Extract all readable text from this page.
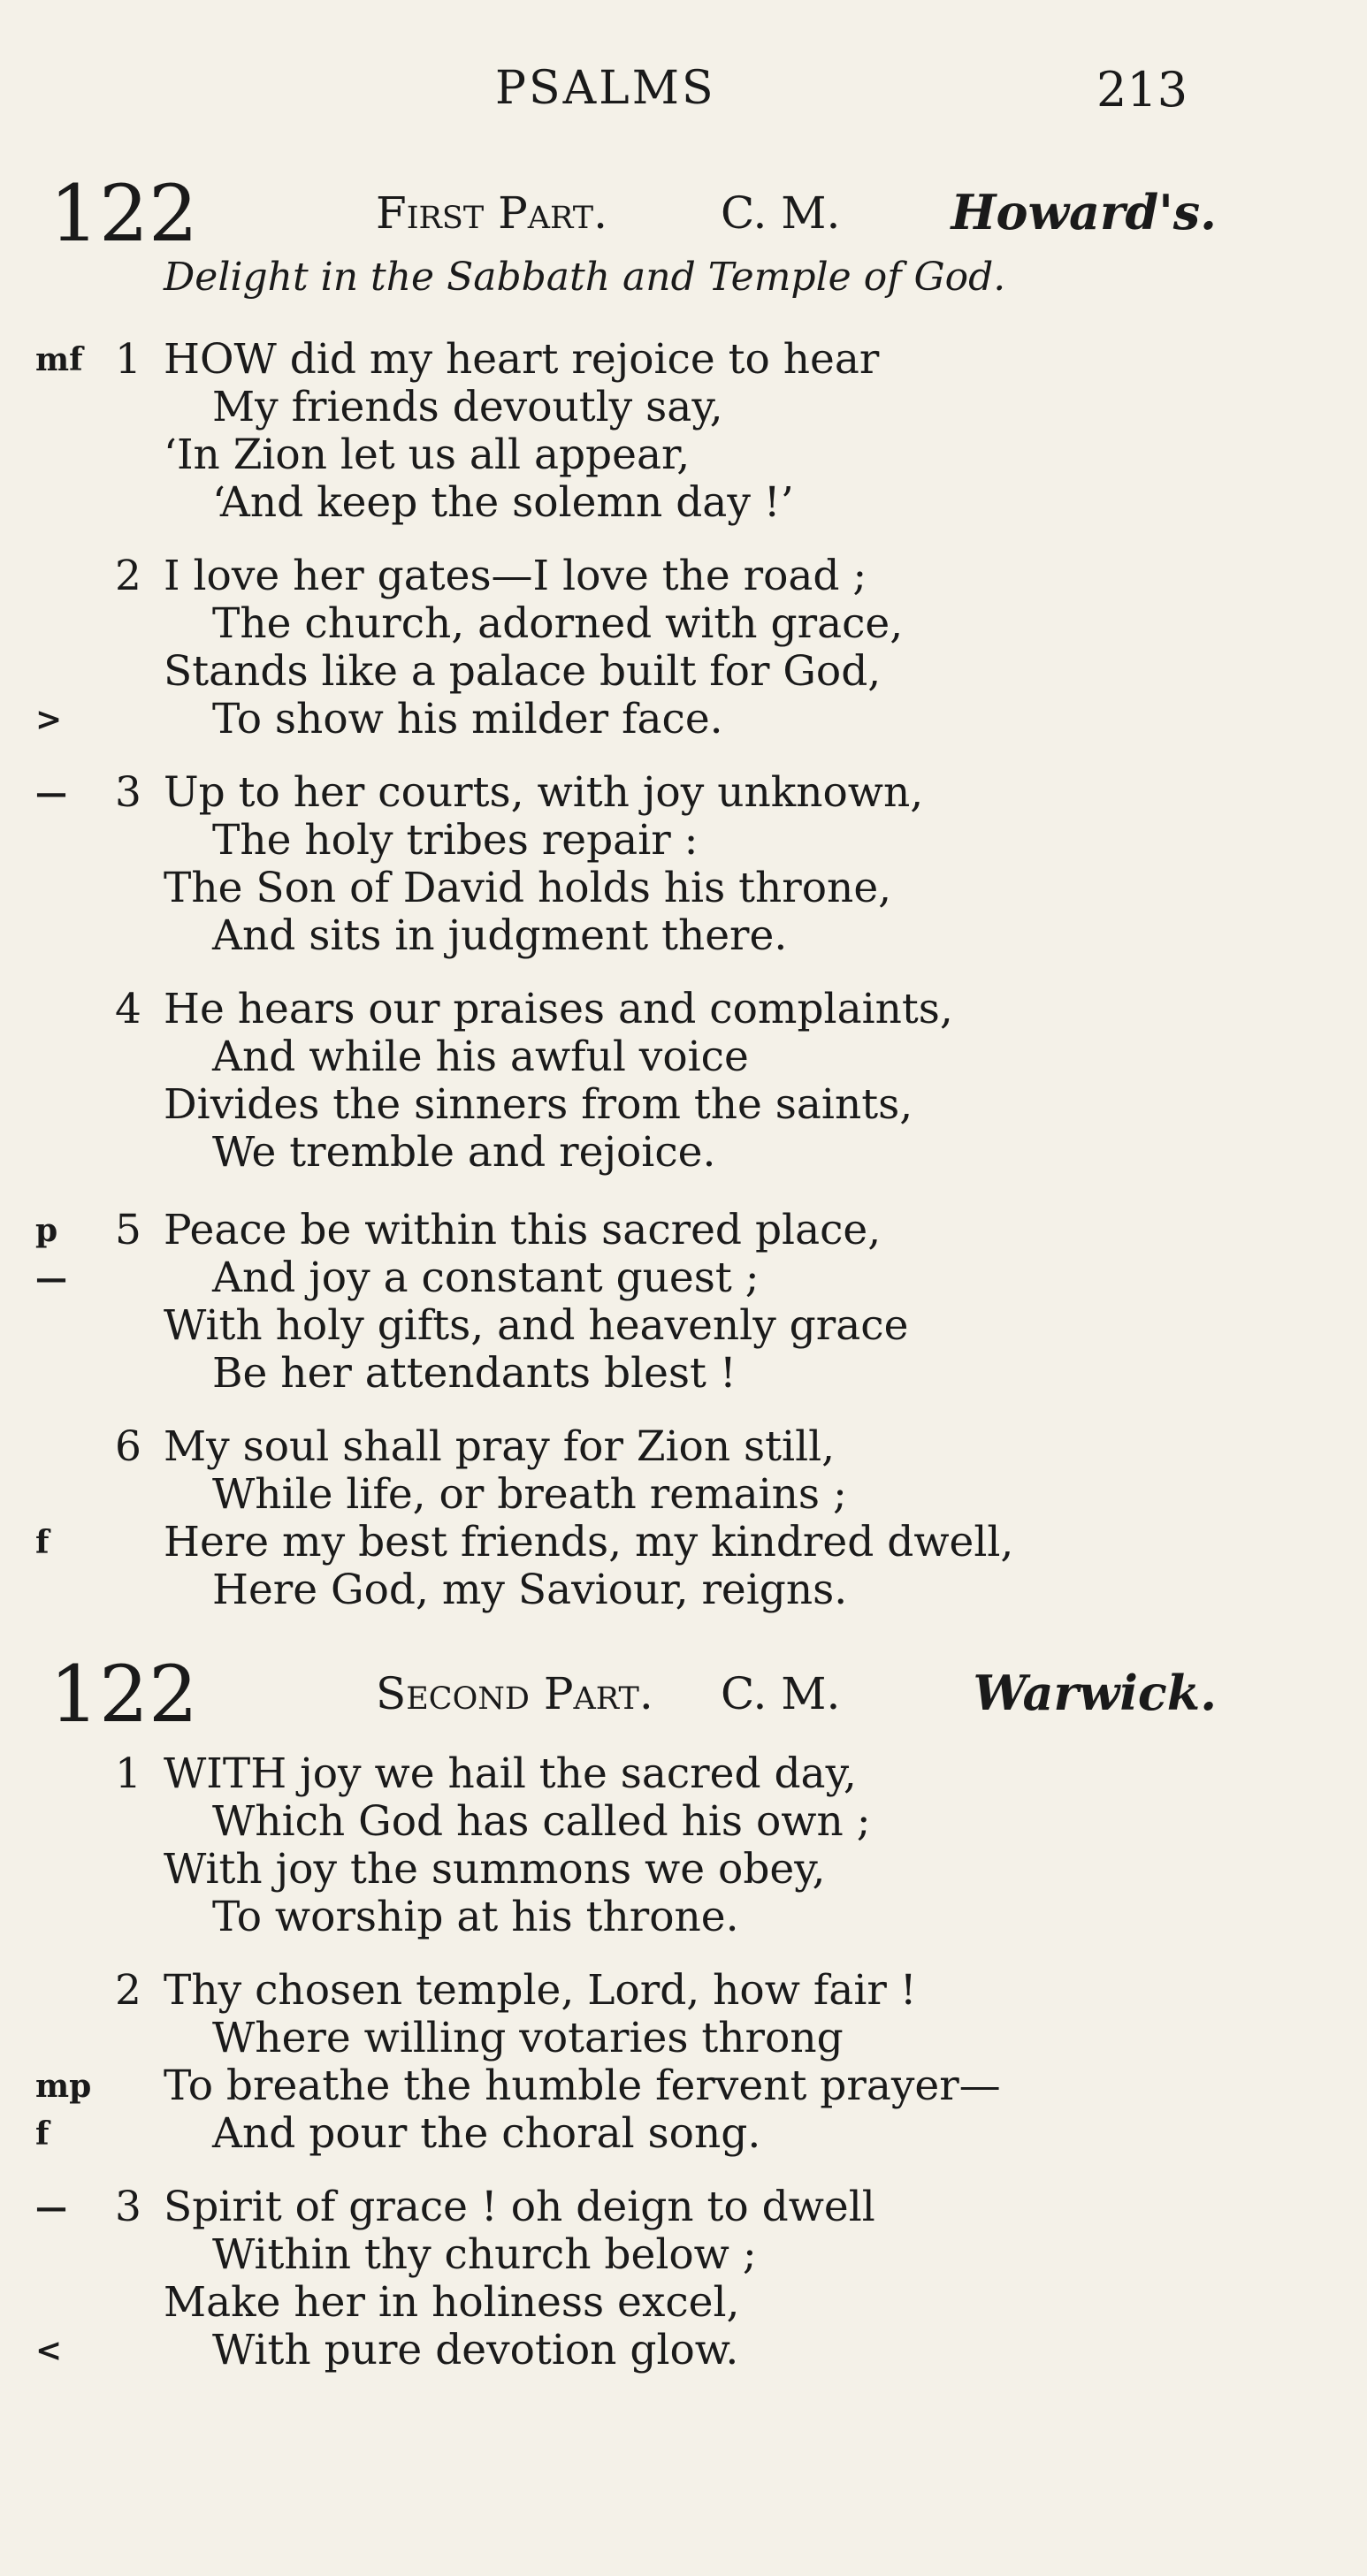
PSALMS	213
122	First Part.	C. M. Howard's.
Delight in the Sabbath and Temple of God.
mf 1 HOW did my heart rejoice to hear
My friends devoutly say,
‘In Zion let us all appear,
‘And keep the solemn day !’
2 I love her gates—I love the road ;
The church, adorned with grace,
Stands like a palace built for God,
>	To show his milder face.
— 3 Up to her courts, with joy unknown,
The holy tribes repair :
The Son of David holds his throne,
And sits in judgment there.
4 He hears our praises and complaints,
And while his awful voice
Divides the sinners from the saints,
We tremble and rejoice.
p 5 Peace be within this sacred place,
—	And joy a constant guest ;
With holy gifts, and heavenly grace
Be her attendants blest !
6 My soul shall pray for Zion still,
While life, or breath remains ;
f	Here my best friends, my kindred dwell,
Here God, my Saviour, reigns.
122	Second Part. C. M.	Warwick.
1 WITH joy we hail the sacred day,
Which God has called his own ;
With joy the summons we obey,
To worship at his throne.
2 Thy chosen temple, Lord, how fair !
Where willing votaries throng
mp To breathe the humble fervent prayer—
f	And pour the choral song.
— 3 Spirit of grace ! oh deign to dwell
Within thy church below ;
Make her in holiness excel,
<	With pure devotion glow.
